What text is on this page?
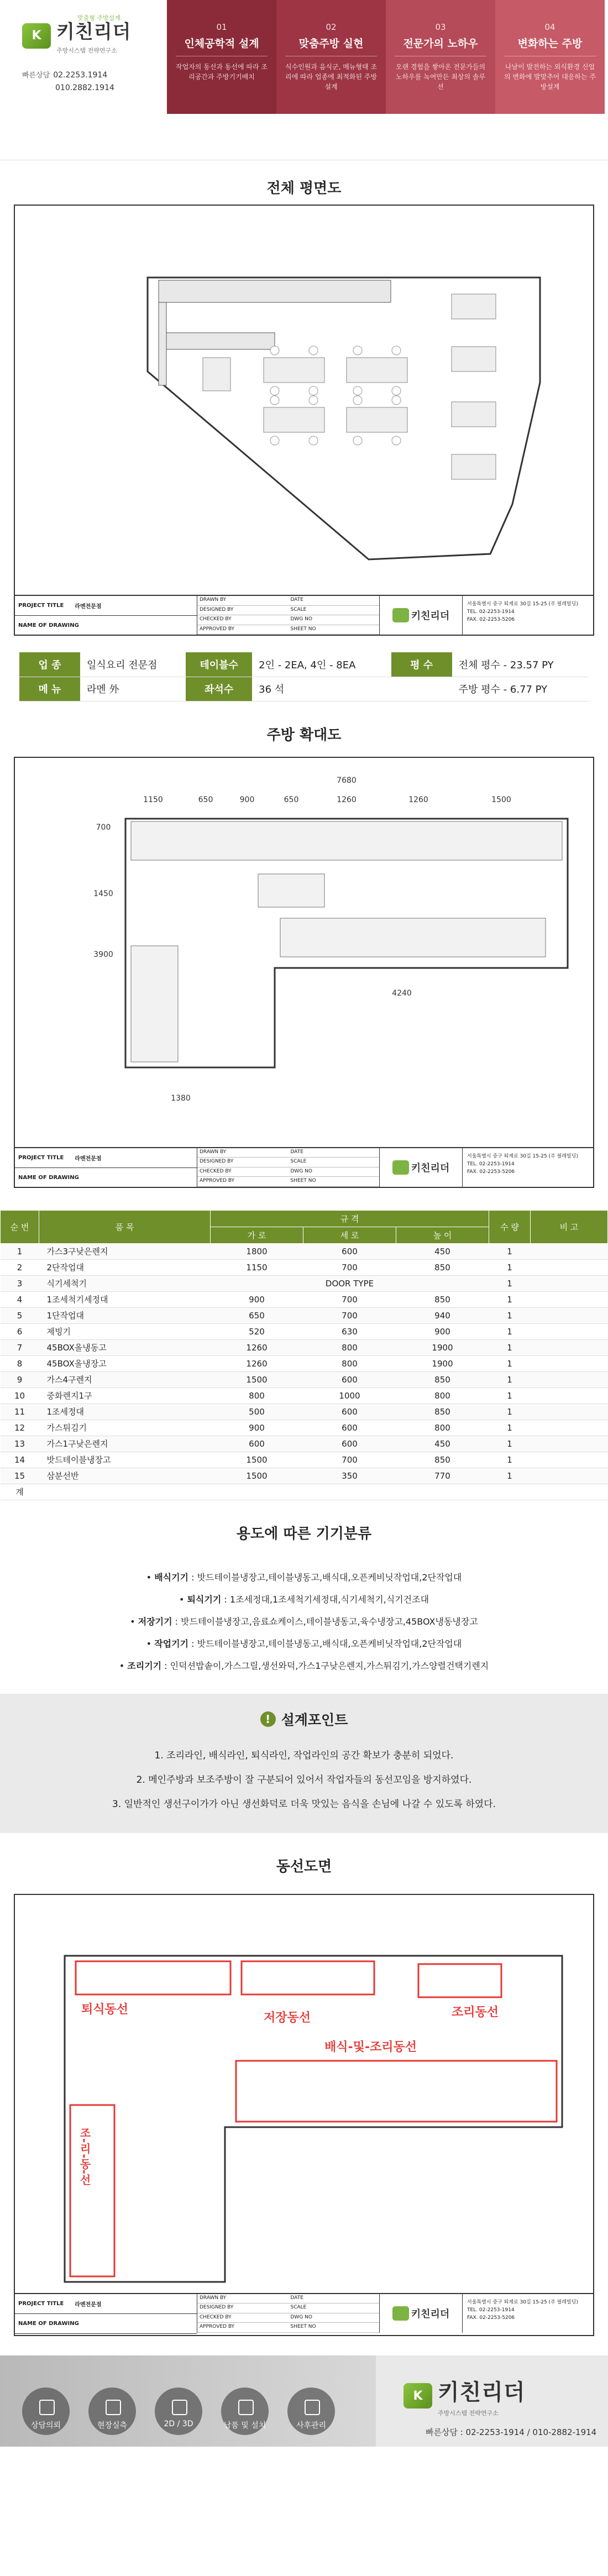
맞춤형 주방설계
K 키친리더
주방시스템 전략연구소
빠른상담 02.2253.1914
010.2882.1914
01
인체공학적 설계
작업자의 동선과 동선에 따라 조리공간과 주방기기배치
02
맞춤주방 실현
식수인원과 음식군, 메뉴형태 조리에 따라 업종에 최적화된 주방설계
03
전문가의 노하우
오랜 경험을 쌓아온 전문가들의 노하우를 녹여만든 최상의 솔루션
04
변화하는 주방
나날이 발전하는 외식환경 신업의 변화에 발맞추어 대응하는 주방설계
전체 평면도
PROJECT TITLE 라멘전문점
NAME OF DRAWING
DRAWN BY	DATE
DESIGNED BY	SCALE
CHECKED BY	DWG NO
APPROVED BY	SHEET NO
키친리더
서울특별시 중구 퇴계로 30길 15-25 (주 필레빌딩)
TEL. 02-2253-1914
FAX. 02-2253-5206
업 종	일식요리 전문점	테이블수	2인 - 2EA, 4인 - 8EA	평 수	전체 평수 - 23.57 PY
메 뉴	라멘 外	좌석수	36 석		주방 평수 - 6.77 PY
주방 확대도
7680
1150	650	900	650	1260	1260	1500
4240
1380
700
1450
3900
PROJECT TITLE 라멘전문점
NAME OF DRAWING
DRAWN BY	DATE
DESIGNED BY	SCALE
CHECKED BY	DWG NO
APPROVED BY	SHEET NO
키친리더
서울특별시 중구 퇴계로 30길 15-25 (주 필레빌딩)
TEL. 02-2253-1914
FAX. 02-2253-5206
순 번	품 목	규 격			수 량	비 고
		가 로	세 로	높 이		
1	가스3구낮은렌지	1800	600	450	1	
2	2단작업대	1150	700	850	1	
3	식기세척기	DOOR TYPE			1	
4	1조세척기세정대	900	700	850	1	
5	1단작업대	650	700	940	1	
6	제빙기	520	630	900	1	
7	45BOX올냉동고	1260	800	1900	1	
8	45BOX올냉장고	1260	800	1900	1	
9	가스4구렌지	1500	600	850	1	
10	중화렌지1구	800	1000	800	1	
11	1조세정대	500	600	850	1	
12	가스튀김기	900	600	800	1	
13	가스1구낮은렌지	600	600	450	1	
14	밧드테이블냉장고	1500	700	850	1	
15	삼분선반	1500	350	770	1	
계						
용도에 따른 기기분류
• 배식기기 : 밧드테이블냉장고,테이블냉동고,배식대,오픈케비닛작업대,2단작업대
• 퇴식기기 : 1조세정대,1조세척기세정대,식기세척기,식기건조대
• 저장기기 : 밧드테이블냉장고,음료쇼케이스,테이블냉동고,육수냉장고,45BOX냉동냉장고
• 작업기기 : 밧드테이블냉장고,테이블냉동고,배식대,오픈케비닛작업대,2단작업대
• 조리기기 : 인덕션밥솥이,가스그릴,생선와덕,가스1구낮은렌지,가스튀김기,가스양렬건택기렌지
! 설계포인트
1. 조리라인, 배식라인, 퇴식라인, 작업라인의 공간 확보가 충분히 되었다.
2. 메인주방과 보조주방이 잘 구분되어 있어서 작업자들의 동선꼬임을 방지하였다.
3. 일반적인 생선구이가가 아닌 생선화덕로 더욱 맛있는 음식을 손님에 나갈 수 있도록 하였다.
동선도면
퇴식동선
저장동선	조리동선
배식-및-조리동선
조-리-동-선
PROJECT TITLE 라멘전문점
NAME OF DRAWING
DRAWN BY	DATE
DESIGNED BY	SCALE
CHECKED BY	DWG NO
APPROVED BY	SHEET NO
키친리더
서울특별시 중구 퇴계로 30길 15-25 (주 필레빌딩)
TEL. 02-2253-1914
FAX. 02-2253-5206
상담의뢰	현장실측	2D / 3D	납품 및 설치	사후관리
K 키친리더
주방시스템 전략연구소
빠른상담 : 02-2253-1914 / 010-2882-1914
